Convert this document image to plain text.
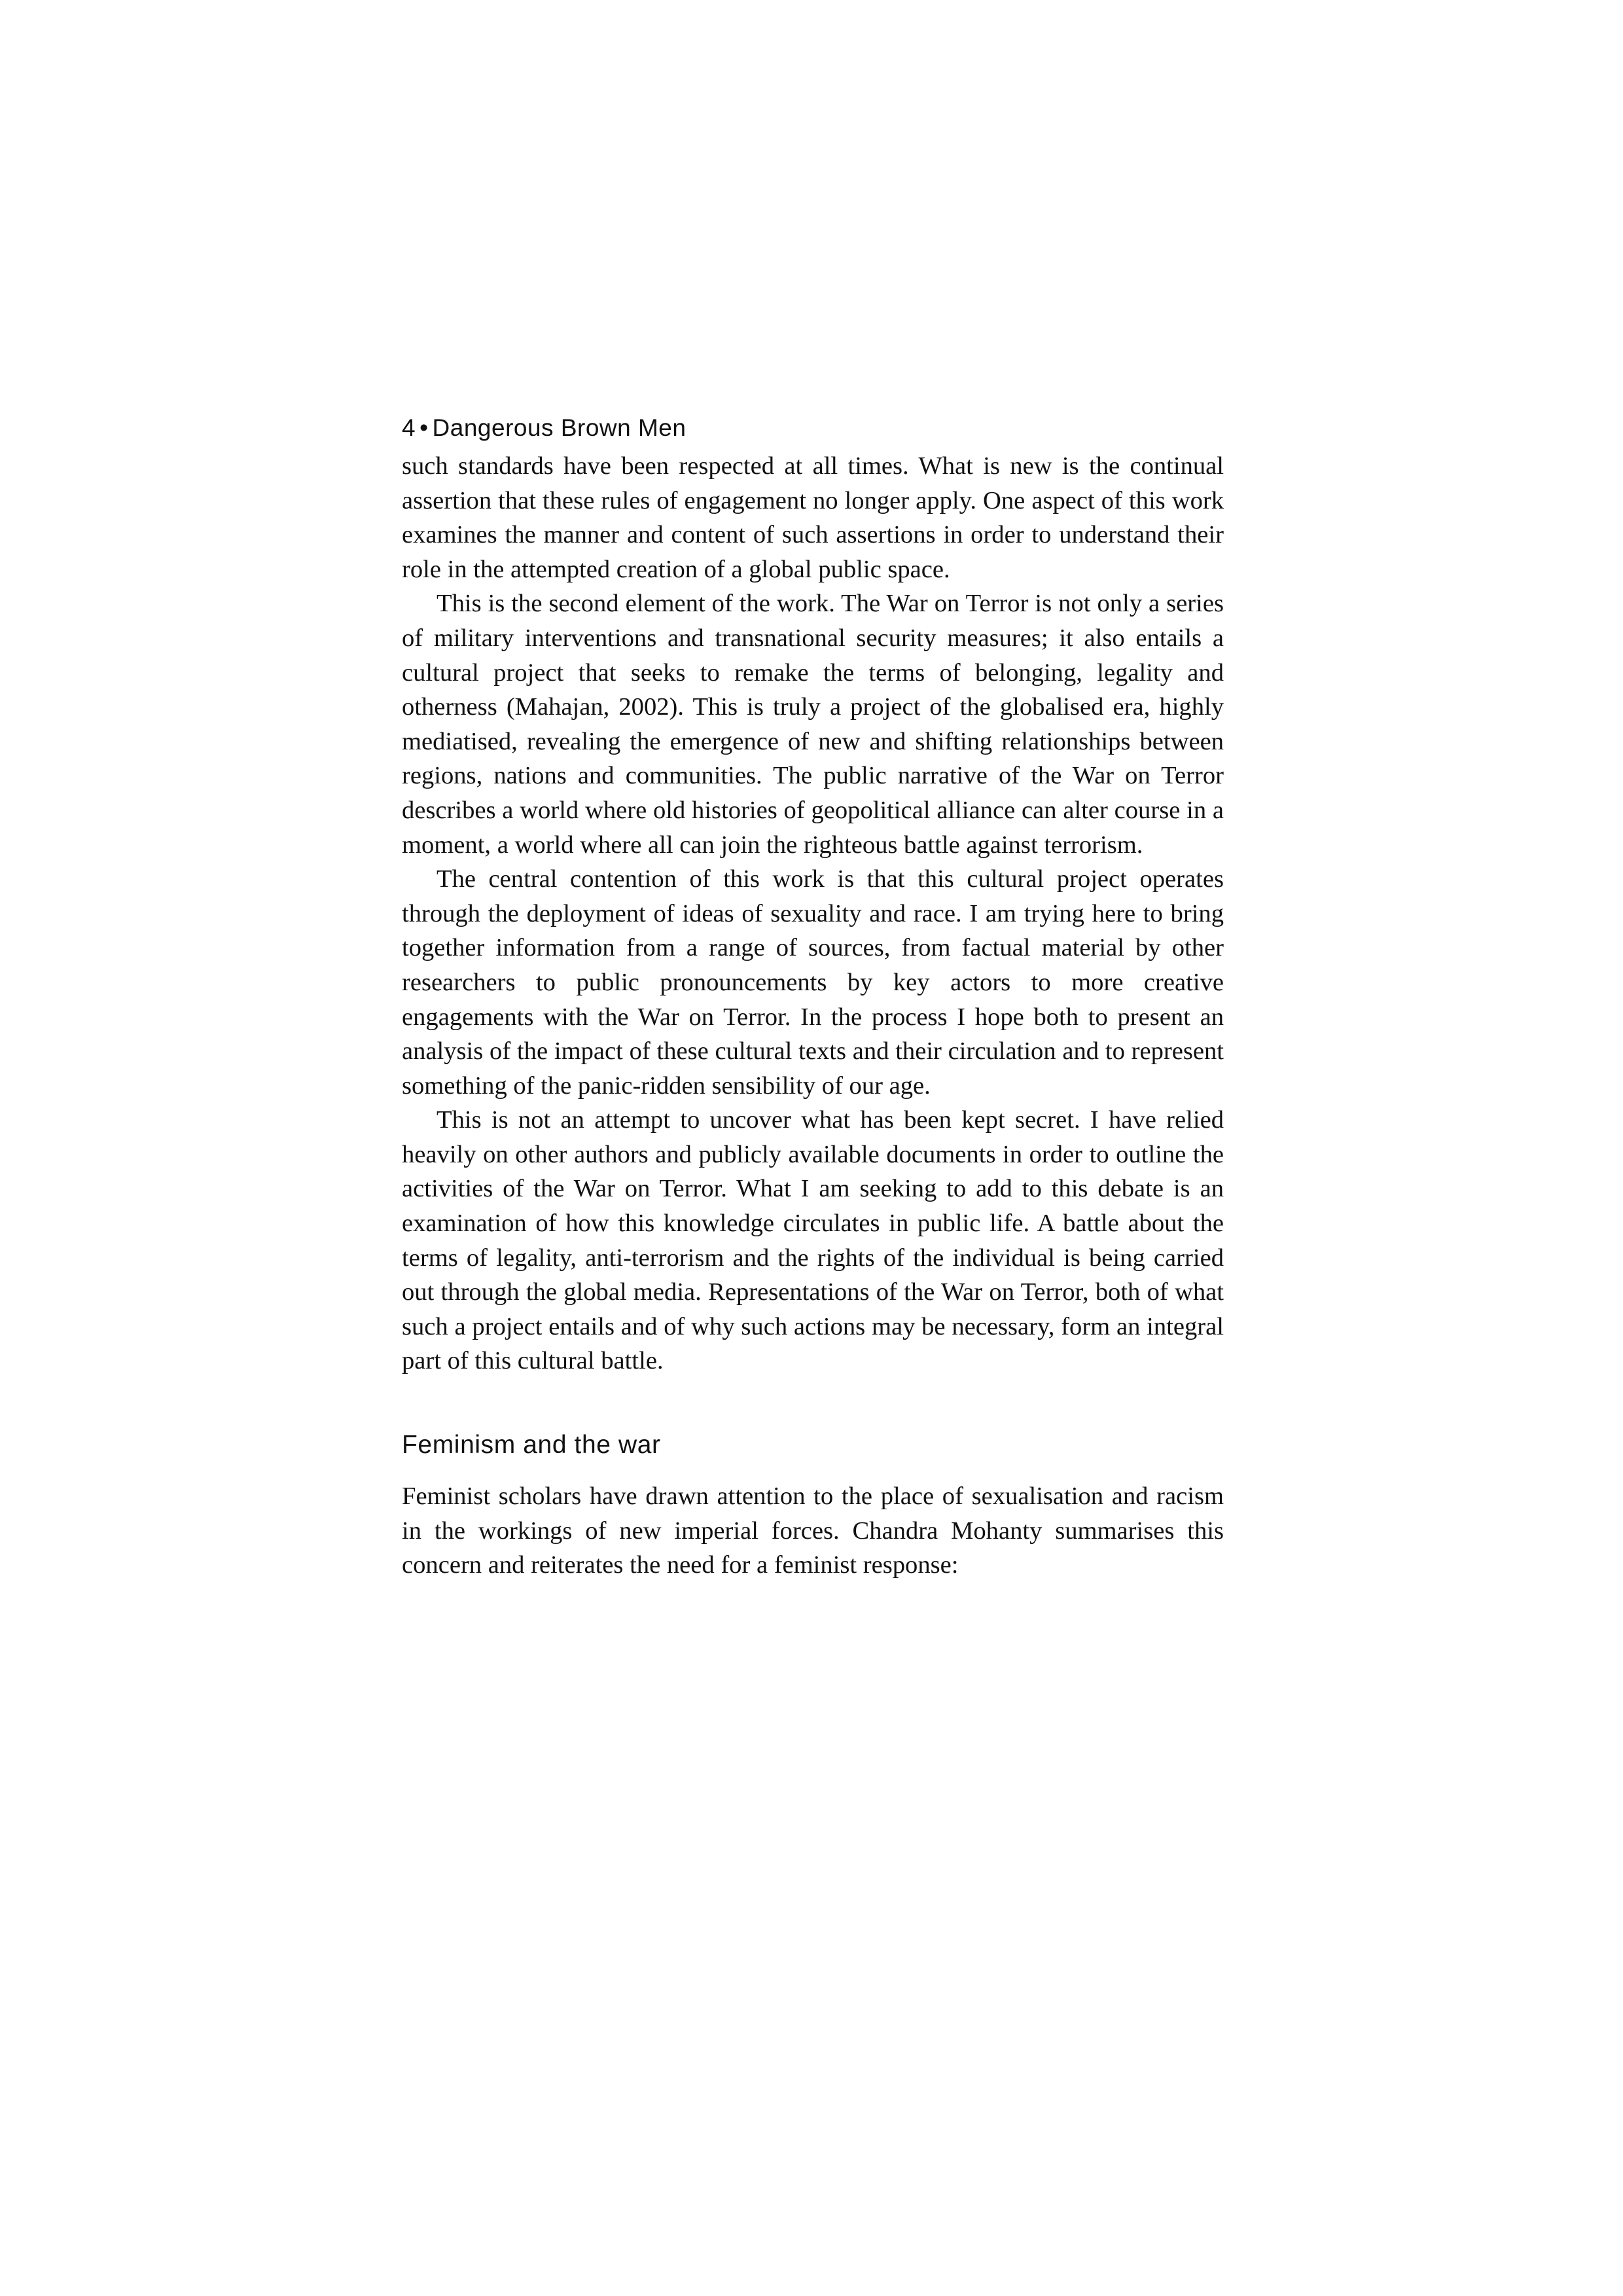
4 • Dangerous Brown Men

such standards have been respected at all times. What is new is the continual assertion that these rules of engagement no longer apply. One aspect of this work examines the manner and content of such assertions in order to understand their role in the attempted creation of a global public space.

This is the second element of the work. The War on Terror is not only a series of military interventions and transnational security measures; it also entails a cultural project that seeks to remake the terms of belonging, legality and otherness (Mahajan, 2002). This is truly a project of the globalised era, highly mediatised, revealing the emergence of new and shifting relationships between regions, nations and communities. The public narrative of the War on Terror describes a world where old histories of geopolitical alliance can alter course in a moment, a world where all can join the righteous battle against terrorism.

The central contention of this work is that this cultural project operates through the deployment of ideas of sexuality and race. I am trying here to bring together information from a range of sources, from factual material by other researchers to public pronouncements by key actors to more creative engagements with the War on Terror. In the process I hope both to present an analysis of the impact of these cultural texts and their circulation and to represent something of the panic-ridden sensibility of our age.

This is not an attempt to uncover what has been kept secret. I have relied heavily on other authors and publicly available documents in order to outline the activities of the War on Terror. What I am seeking to add to this debate is an examination of how this knowledge circulates in public life. A battle about the terms of legality, anti-terrorism and the rights of the individual is being carried out through the global media. Representations of the War on Terror, both of what such a project entails and of why such actions may be necessary, form an integral part of this cultural battle.

Feminism and the war

Feminist scholars have drawn attention to the place of sexualisation and racism in the workings of new imperial forces. Chandra Mohanty summarises this concern and reiterates the need for a feminist response:
